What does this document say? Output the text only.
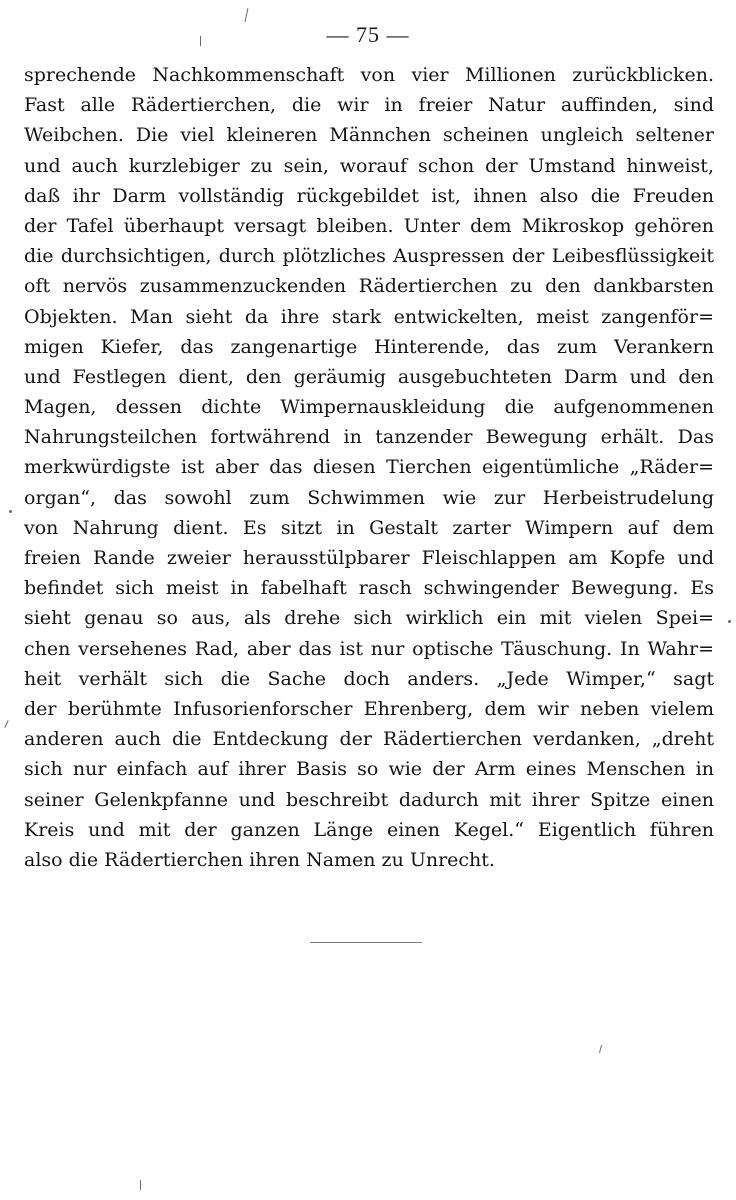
— 75 —
sprechende Nachkommenschaft von vier Millionen zurückblicken.
Fast alle Rädertierchen, die wir in freier Natur auffinden, sind
Weibchen. Die viel kleineren Männchen scheinen ungleich seltener
und auch kurzlebiger zu sein, worauf schon der Umstand hinweist,
daß ihr Darm vollständig rückgebildet ist, ihnen also die Freuden
der Tafel überhaupt versagt bleiben. Unter dem Mikroskop gehören
die durchsichtigen, durch plötzliches Auspressen der Leibesflüssigkeit
oft nervös zusammenzuckenden Rädertierchen zu den dankbarsten
Objekten. Man sieht da ihre stark entwickelten, meist zangenför=
migen Kiefer, das zangenartige Hinterende, das zum Verankern
und Festlegen dient, den geräumig ausgebuchteten Darm und den
Magen, dessen dichte Wimpernauskleidung die aufgenommenen
Nahrungsteilchen fortwährend in tanzender Bewegung erhält. Das
merkwürdigste ist aber das diesen Tierchen eigentümliche „Räder=
organ“, das sowohl zum Schwimmen wie zur Herbeistrudelung
von Nahrung dient. Es sitzt in Gestalt zarter Wimpern auf dem
freien Rande zweier herausstülpbarer Fleischlappen am Kopfe und
befindet sich meist in fabelhaft rasch schwingender Bewegung. Es
sieht genau so aus, als drehe sich wirklich ein mit vielen Spei=
chen versehenes Rad, aber das ist nur optische Täuschung. In Wahr=
heit verhält sich die Sache doch anders. „Jede Wimper,“ sagt
der berühmte Infusorienforscher Ehrenberg, dem wir neben vielem
anderen auch die Entdeckung der Rädertierchen verdanken, „dreht
sich nur einfach auf ihrer Basis so wie der Arm eines Menschen in
seiner Gelenkpfanne und beschreibt dadurch mit ihrer Spitze einen
Kreis und mit der ganzen Länge einen Kegel.“ Eigentlich führen
also die Rädertierchen ihren Namen zu Unrecht.
